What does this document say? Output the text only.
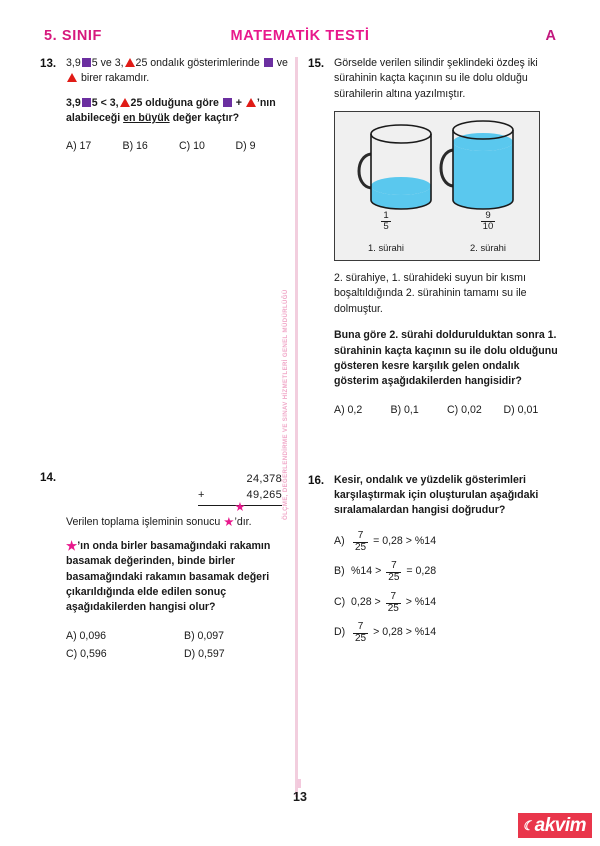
5. SINIF	MATEMATİK TESTİ	A
ÖLÇME, DEĞERLENDİRME VE SINAV HİZMETLERİ GENEL MÜDÜRLÜĞÜ
13. 3,9 5 ve 3, 25 ondalık gösterimlerinde ve  birer rakamdır.
3,9 5 < 3, 25 olduğuna göre + ’nın
alabileceği en büyük değer kaçtır?
A) 17	B) 16	C) 10	D) 9
14.	24,378
+	49,265
★
Verilen toplama işleminin sonucu ★’dır.
★’ın onda birler basamağındaki rakamın basamak değerinden, binde birler basamağındaki rakamın basamak değeri çıkarıldığında elde edilen sonuç aşağıdakilerden hangisi olur?
A) 0,096	B) 0,097
C) 0,596	D) 0,597
15. Görselde verilen silindir şeklindeki özdeş iki sürahinin kaçta kaçının su ile dolu olduğu sürahilerin altına yazılmıştır.
$\frac{1}{5}$	$\frac{9}{10}$
1. sürahi	2. sürahi
2. sürahiye, 1. sürahideki suyun bir kısmı boşaltıldığında 2. sürahinin tamamı su ile dolmuştur.
Buna göre 2. sürahi doldurulduktan sonra 1. sürahinin kaçta kaçının su ile dolu olduğunu gösteren kesre karşılık gelen ondalık gösterim aşağıdakilerden hangisidir?
A) 0,2	B) 0,1	C) 0,02	D) 0,01
16. Kesir, ondalık ve yüzdelik gösterimleri karşılaştırmak için oluşturulan aşağıdaki sıralamalardan hangisi doğrudur?
$A) \frac{7}{25} = 0,28 > \%14$
B) $\%14 > \frac{7}{25} = 0,28$
C) $0,28 > \frac{7}{25} > \%14$
$D) \frac{7}{25} > 0,28 > \%14$
13
☾ akvim
